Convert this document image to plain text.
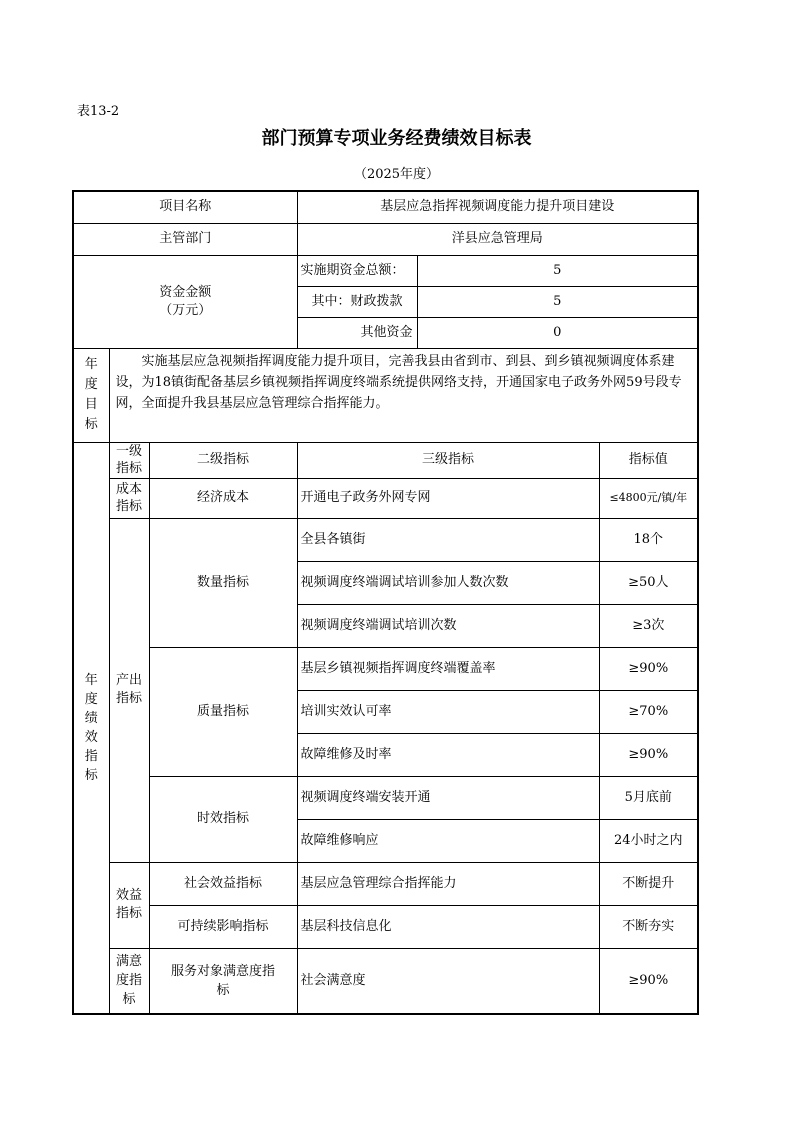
表13-2
部门预算专项业务经费绩效目标表
（2025年度）
项目名称			基层应急指挥视频调度能力提升项目建设		
主管部门			洋县应急管理局		

资金金额
（万元）			实施期资金总额：	5	
			其中：财政拨款	5	
			其他资金	0	

年度目标	实施基层应急视频指挥调度能力提升项目，完善我县由省到市、到县、到乡镇视频调度体系建设，为18镇街配备基层乡镇视频指挥调度终端系统提供网络支持，开通国家电子政务外网59号段专网，全面提升我县基层应急管理综合指挥能力。				

年度绩效指标	一级指标	二级指标	三级指标		指标值

	成本指标	经济成本	开通电子政务外网专网		≤4800元/镇/年

	产出指标	数量指标	全县各镇街		18个
			视频调度终端调试培训参加人数次数		≥50人
			视频调度终端调试培训次数		≥3次
		质量指标	基层乡镇视频指挥调度终端覆盖率		≥90%
			培训实效认可率		≥70%
			故障维修及时率		≥90%
		时效指标	视频调度终端安装开通		5月底前
			故障维修响应		24小时之内

	效益指标	社会效益指标	基层应急管理综合指挥能力		不断提升
		可持续影响指标	基层科技信息化		不断夯实

	满意度指标	服务对象满意度指标	社会满意度		≥90%
